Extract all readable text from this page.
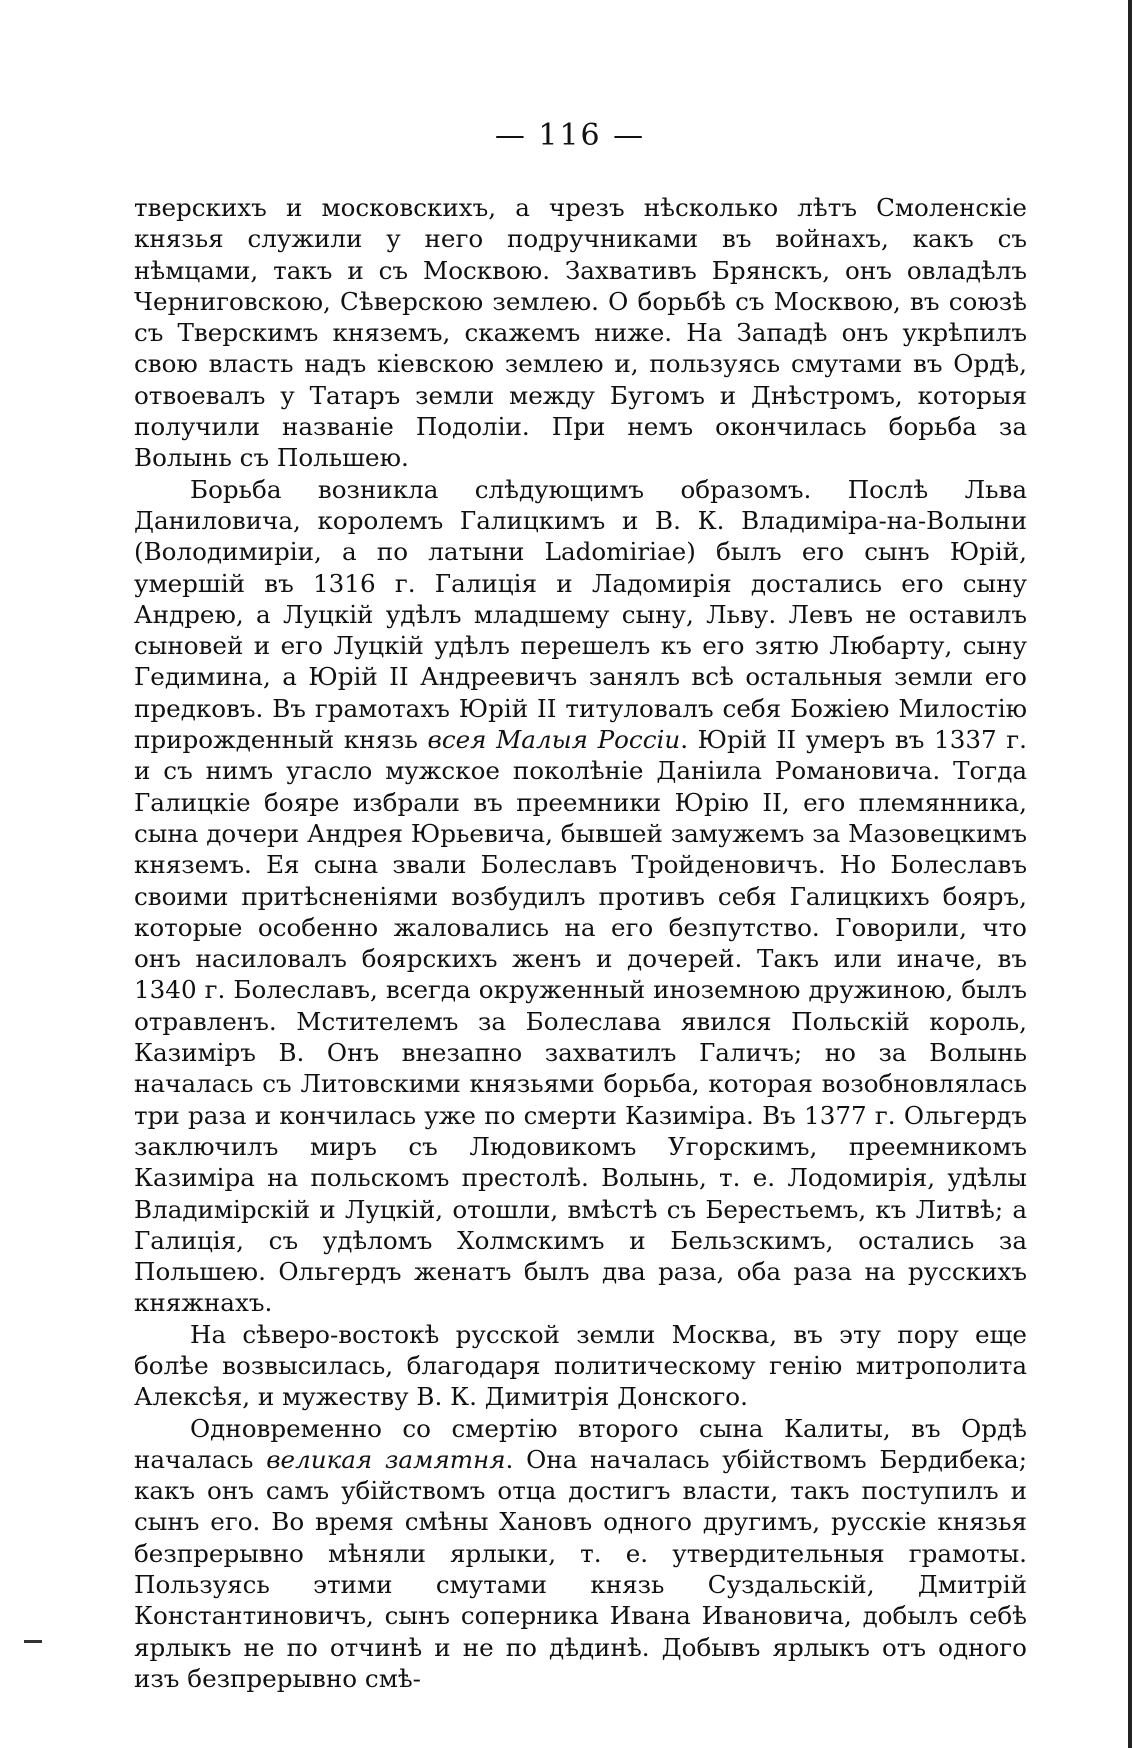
— 116 —

тверскихъ и московскихъ, а чрезъ нѣсколько лѣтъ Смоленскіе князья служили у него подручниками въ войнахъ, какъ съ нѣмцами, такъ и съ Москвою. Захвативъ Брянскъ, онъ овладѣлъ Черниговскою, Сѣверскою землею. О борьбѣ съ Москвою, въ союзѣ съ Тверскимъ княземъ, скажемъ ниже. На Западѣ онъ укрѣпилъ свою власть надъ кіевскою землею и, пользуясь смутами въ Ордѣ, отвоевалъ у Татаръ земли между Бугомъ и Днѣстромъ, которыя получили названіе Подоліи. При немъ окончилась борьба за Волынь съ Польшею.

Борьба возникла слѣдующимъ образомъ. Послѣ Льва Даниловича, королемъ Галицкимъ и В. К. Владиміра-на-Волыни (Володимиріи, а по латыни Ladomiriae) былъ его сынъ Юрій, умершій въ 1316 г. Галиція и Ладомирія достались его сыну Андрею, а Луцкій удѣлъ младшему сыну, Льву. Левъ не оставилъ сыновей и его Луцкій удѣлъ перешелъ къ его зятю Любарту, сыну Гедимина, а Юрій II Андреевичъ занялъ всѣ остальныя земли его предковъ. Въ грамотахъ Юрій II титуловалъ себя Божіею Милостію прирожденный князь всея Малыя Россіи. Юрій II умеръ въ 1337 г. и съ нимъ угасло мужское поколѣніе Даніила Романовича. Тогда Галицкіе бояре избрали въ преемники Юрію II, его племянника, сына дочери Андрея Юрьевича, бывшей замужемъ за Мазовецкимъ княземъ. Ея сына звали Болеславъ Тройденовичъ. Но Болеславъ своими притѣсненіями возбудилъ противъ себя Галицкихъ бояръ, которые особенно жаловались на его безпутство. Говорили, что онъ насиловалъ боярскихъ женъ и дочерей. Такъ или иначе, въ 1340 г. Болеславъ, всегда окруженный иноземною дружиною, былъ отравленъ. Мстителемъ за Болеслава явился Польскій король, Казиміръ В. Онъ внезапно захватилъ Галичъ; но за Волынь началась съ Литовскими князьями борьба, которая возобновлялась три раза и кончилась уже по смерти Казиміра. Въ 1377 г. Ольгердъ заключилъ миръ съ Людовикомъ Угорскимъ, преемникомъ Казиміра на польскомъ престолѣ. Волынь, т. е. Лодомирія, удѣлы Владимірскій и Луцкій, отошли, вмѣстѣ съ Берестьемъ, къ Литвѣ; а Галиція, съ удѣломъ Холмскимъ и Бельзскимъ, остались за Польшею. Ольгердъ женатъ былъ два раза, оба раза на русскихъ княжнахъ.

На сѣверо-востокѣ русской земли Москва, въ эту пору еще болѣе возвысилась, благодаря политическому генію митрополита Алексѣя, и мужеству В. К. Димитрія Донского.

Одновременно со смертію второго сына Калиты, въ Ордѣ началась великая замятня. Она началась убійствомъ Бердибека; какъ онъ самъ убійствомъ отца достигъ власти, такъ поступилъ и сынъ его. Во время смѣны Хановъ одного другимъ, русскіе князья безпрерывно мѣняли ярлыки, т. е. утвердительныя грамоты. Пользуясь этими смутами князь Суздальскій, Дмитрій Константиновичъ, сынъ соперника Ивана Ивановича, добылъ себѣ ярлыкъ не по отчинѣ и не по дѣдинѣ. Добывъ ярлыкъ отъ одного изъ безпрерывно смѣ-
